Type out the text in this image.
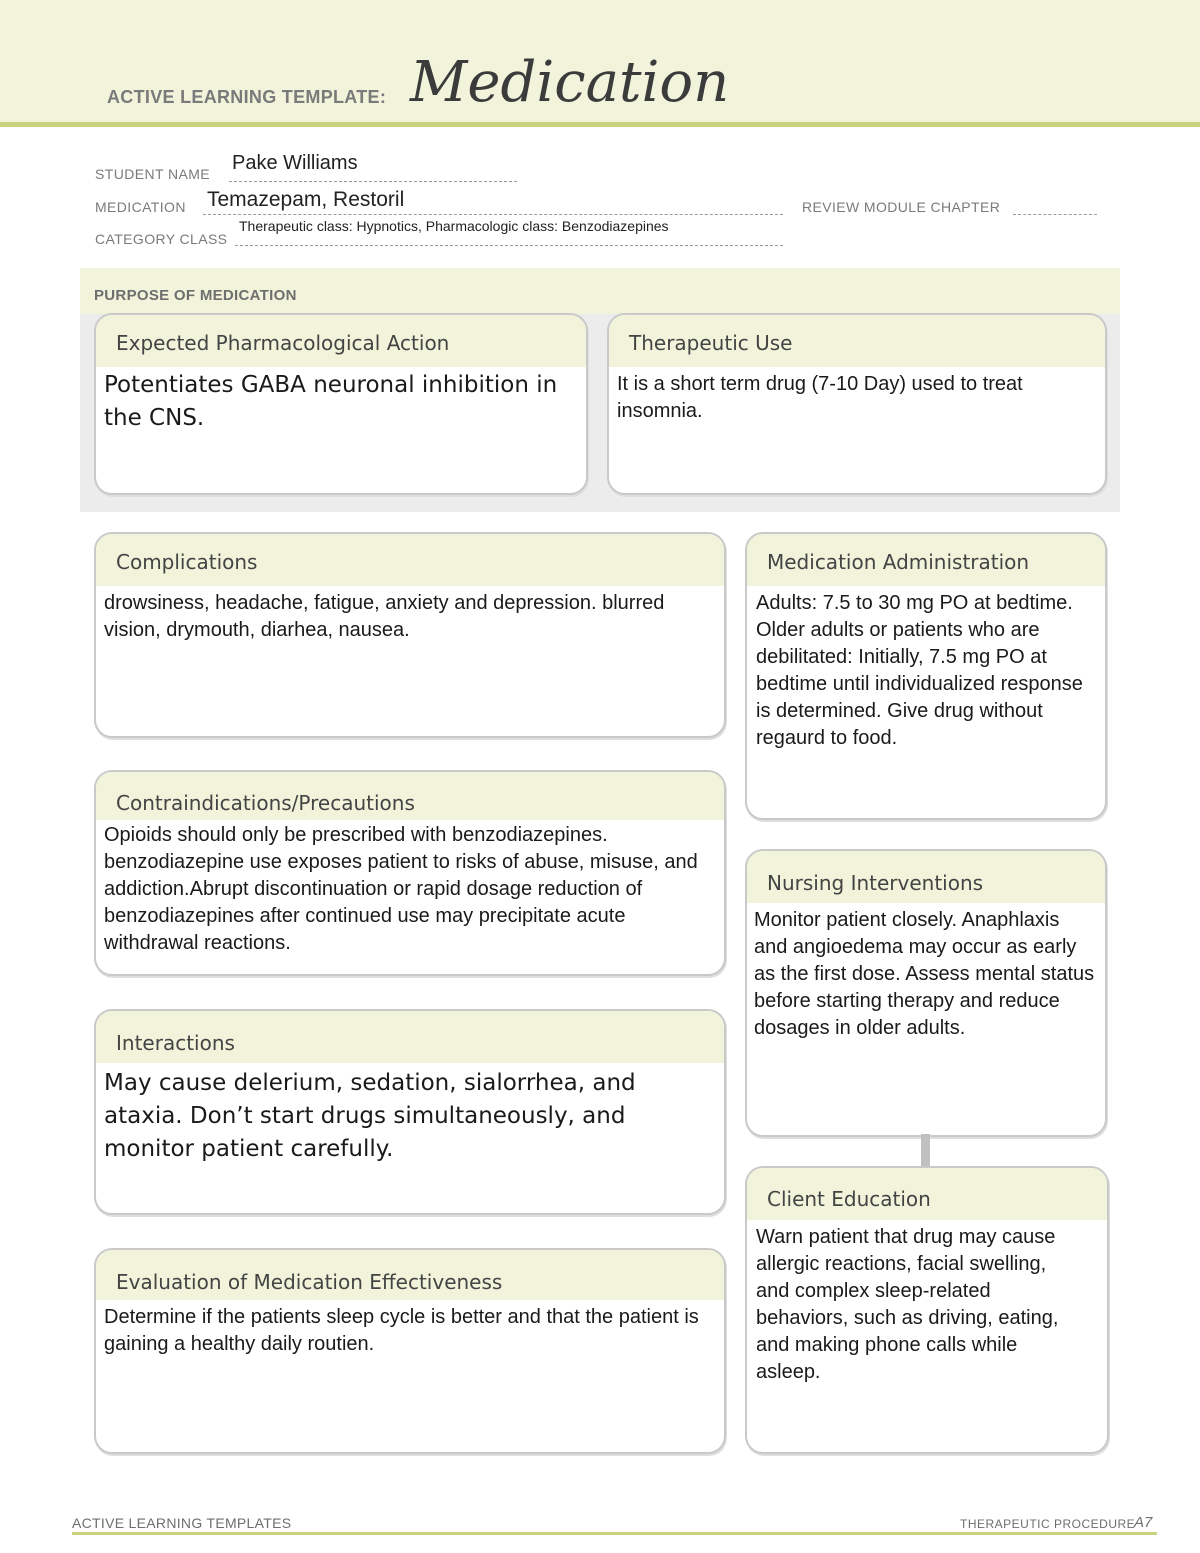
ACTIVE LEARNING TEMPLATE: Medication
STUDENT NAME Pake Williams
MEDICATION Temazepam, Restoril	REVIEW MODULE CHAPTER
CATEGORY CLASS
Therapeutic class: Hypnotics, Pharmacologic class: Benzodiazepines
PURPOSE OF MEDICATION
Expected Pharmacological Action
Potentiates GABA neuronal inhibition in the CNS.
Therapeutic Use
It is a short term drug (7-10 Day) used to treat insomnia.
Complications
drowsiness, headache, fatigue, anxiety and depression. blurred vision, drymouth, diarhea, nausea.
Contraindications/Precautions
Opioids should only be prescribed with benzodiazepines. benzodiazepine use exposes patient to risks of abuse, misuse, and addiction.Abrupt discontinuation or rapid dosage reduction of benzodiazepines after continued use may precipitate acute withdrawal reactions.
Interactions
May cause delerium, sedation, sialorrhea, and ataxia. Don’t start drugs simultaneously, and monitor patient carefully.
Evaluation of Medication Effectiveness
Determine if the patients sleep cycle is better and that the patient is gaining a healthy daily routien.
Medication Administration
Adults: 7.5 to 30 mg PO at bedtime. Older adults or patients who are debilitated: Initially, 7.5 mg PO at bedtime until individualized response is determined. Give drug without regaurd to food.
Nursing Interventions
Monitor patient closely. Anaphlaxis and angioedema may occur as early as the first dose. Assess mental status before starting therapy and reduce dosages in older adults.
Client Education
Warn patient that drug may cause allergic reactions, facial swelling, and complex sleep-related behaviors, such as driving, eating, and making phone calls while asleep.
ACTIVE LEARNING TEMPLATES	THERAPEUTIC PROCEDURE
A7
